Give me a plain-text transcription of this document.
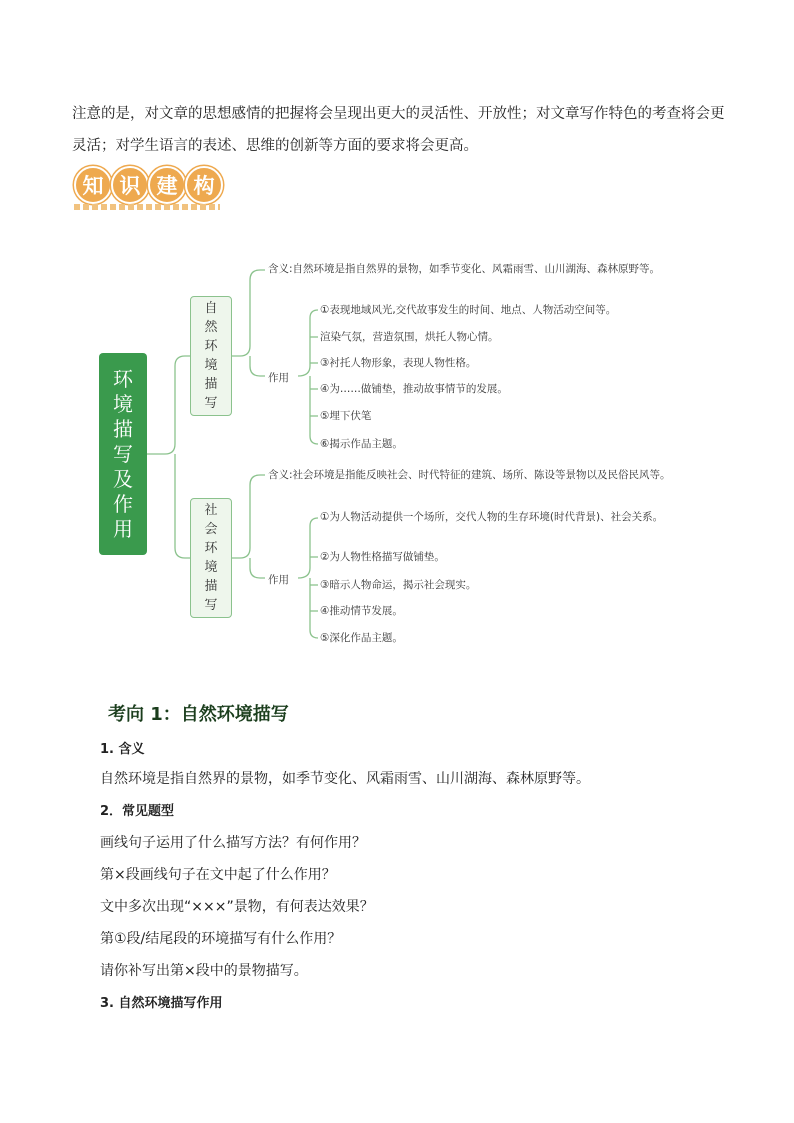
注意的是，对文章的思想感情的把握将会呈现出更大的灵活性、开放性；对文章写作特色的考查将会更灵活；对学生语言的表述、思维的创新等方面的要求将会更高。
知 识 建 构
环境描写及作用
自然环境描写
社会环境描写
含义:自然环境是指自然界的景物，如季节变化、风霜雨雪、山川湖海、森林原野等。
作用
①表现地域风光,交代故事发生的时间、地点、人物活动空间等。
渲染气氛，营造氛围，烘托人物心情。
③衬托人物形象，表现人物性格。
④为……做铺垫，推动故事情节的发展。
⑤埋下伏笔
⑥揭示作品主题。
含义:社会环境是指能反映社会、时代特征的建筑、场所、陈设等景物以及民俗民风等。
作用
①为人物活动提供一个场所，交代人物的生存环境(时代背景)、社会关系。
②为人物性格描写做铺垫。
③暗示人物命运，揭示社会现实。
④推动情节发展。
⑤深化作品主题。
考向 1：自然环境描写
1. 含义
自然环境是指自然界的景物，如季节变化、风霜雨雪、山川湖海、森林原野等。
2．常见题型
画线句子运用了什么描写方法？有何作用？
第×段画线句子在文中起了什么作用？
文中多次出现“×××”景物，有何表达效果？
第①段/结尾段的环境描写有什么作用？
请你补写出第×段中的景物描写。
3. 自然环境描写作用
